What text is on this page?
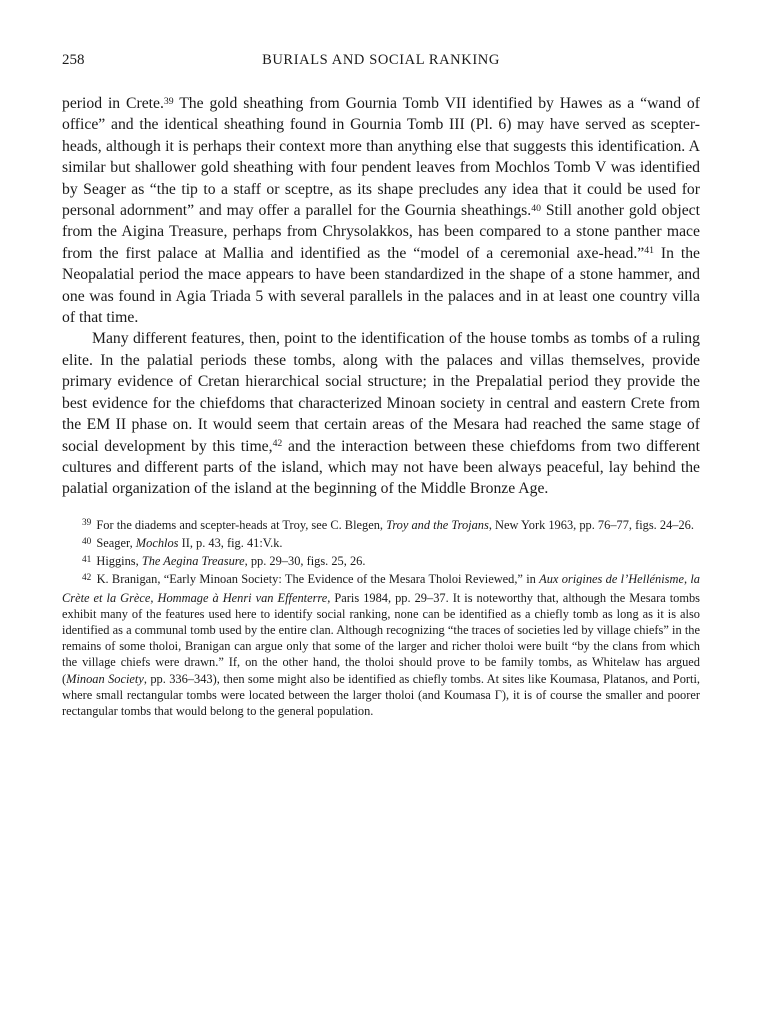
258	BURIALS AND SOCIAL RANKING

period in Crete.$^{39}$ The gold sheathing from Gournia Tomb VII identified by Hawes as a “wand of office” and the identical sheathing found in Gournia Tomb III (Pl. 6) may have served as scepter-heads, although it is perhaps their context more than anything else that suggests this identification. A similar but shallower gold sheathing with four pendent leaves from Mochlos Tomb V was identified by Seager as “the tip to a staff or sceptre, as its shape precludes any idea that it could be used for personal adornment” and may offer a parallel for the Gournia sheathings.$^{40}$ Still another gold object from the Aigina Treasure, perhaps from Chrysolakkos, has been compared to a stone panther mace from the first palace at Mallia and identified as the “model of a ceremonial axe-head.”$^{41}$ In the Neopalatial period the mace appears to have been standardized in the shape of a stone hammer, and one was found in Agia Triada 5 with several parallels in the palaces and in at least one country villa of that time.

Many different features, then, point to the identification of the house tombs as tombs of a ruling elite. In the palatial periods these tombs, along with the palaces and villas themselves, provide primary evidence of Cretan hierarchical social structure; in the Prepalatial period they provide the best evidence for the chiefdoms that characterized Minoan society in central and eastern Crete from the EM II phase on. It would seem that certain areas of the Mesara had reached the same stage of social development by this time,$^{42}$ and the interaction between these chiefdoms from two different cultures and different parts of the island, which may not have been always peaceful, lay behind the palatial organization of the island at the beginning of the Middle Bronze Age.

$^{39}$ For the diadems and scepter-heads at Troy, see C. Blegen, Troy and the Trojans, New York 1963, pp. 76–77, figs. 24–26.

$^{40}$ Seager, Mochlos II, p. 43, fig. 41:V.k.

$^{41}$ Higgins, The Aegina Treasure, pp. 29–30, figs. 25, 26.

$^{42}$ K. Branigan, “Early Minoan Society: The Evidence of the Mesara Tholoi Reviewed,” in Aux origines de l’Hellénisme, la Crète et la Grèce, Hommage à Henri van Effenterre, Paris 1984, pp. 29–37. It is noteworthy that, although the Mesara tombs exhibit many of the features used here to identify social ranking, none can be identified as a chiefly tomb as long as it is also identified as a communal tomb used by the entire clan. Although recognizing “the traces of societies led by village chiefs” in the remains of some tholoi, Branigan can argue only that some of the larger and richer tholoi were built “by the clans from which the village chiefs were drawn.” If, on the other hand, the tholoi should prove to be family tombs, as Whitelaw has argued (Minoan Society, pp. 336–343), then some might also be identified as chiefly tombs. At sites like Koumasa, Platanos, and Porti, where small rectangular tombs were located between the larger tholoi (and Koumasa Γ), it is of course the smaller and poorer rectangular tombs that would belong to the general population.
